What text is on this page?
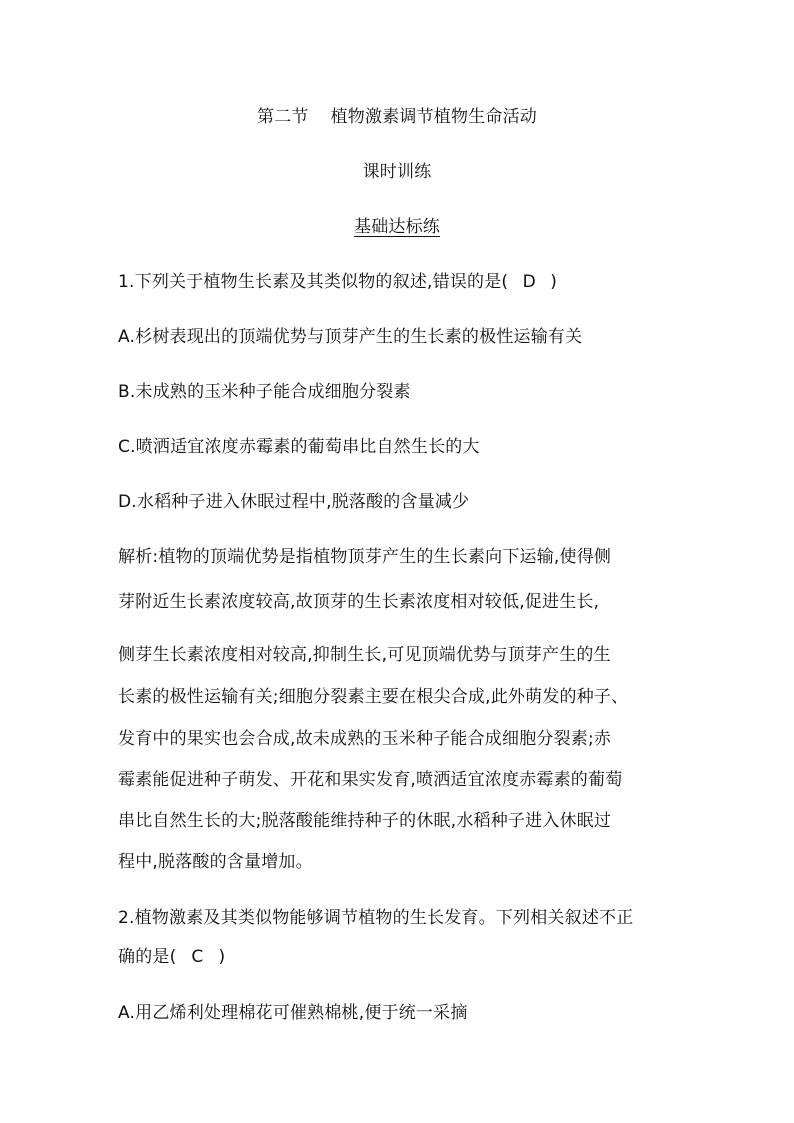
第二节 植物激素调节植物生命活动
课时训练
基础达标练
1.下列关于植物生长素及其类似物的叙述,错误的是( D )
A.杉树表现出的顶端优势与顶芽产生的生长素的极性运输有关
B.未成熟的玉米种子能合成细胞分裂素
C.喷洒适宜浓度赤霉素的葡萄串比自然生长的大
D.水稻种子进入休眠过程中,脱落酸的含量减少
解析:植物的顶端优势是指植物顶芽产生的生长素向下运输,使得侧
芽附近生长素浓度较高,故顶芽的生长素浓度相对较低,促进生长,
侧芽生长素浓度相对较高,抑制生长,可见顶端优势与顶芽产生的生
长素的极性运输有关;细胞分裂素主要在根尖合成,此外萌发的种子、
发育中的果实也会合成,故未成熟的玉米种子能合成细胞分裂素;赤
霉素能促进种子萌发、开花和果实发育,喷洒适宜浓度赤霉素的葡萄
串比自然生长的大;脱落酸能维持种子的休眠,水稻种子进入休眠过
程中,脱落酸的含量增加。
2.植物激素及其类似物能够调节植物的生长发育。下列相关叙述不正
确的是( C )
A.用乙烯利处理棉花可催熟棉桃,便于统一采摘
